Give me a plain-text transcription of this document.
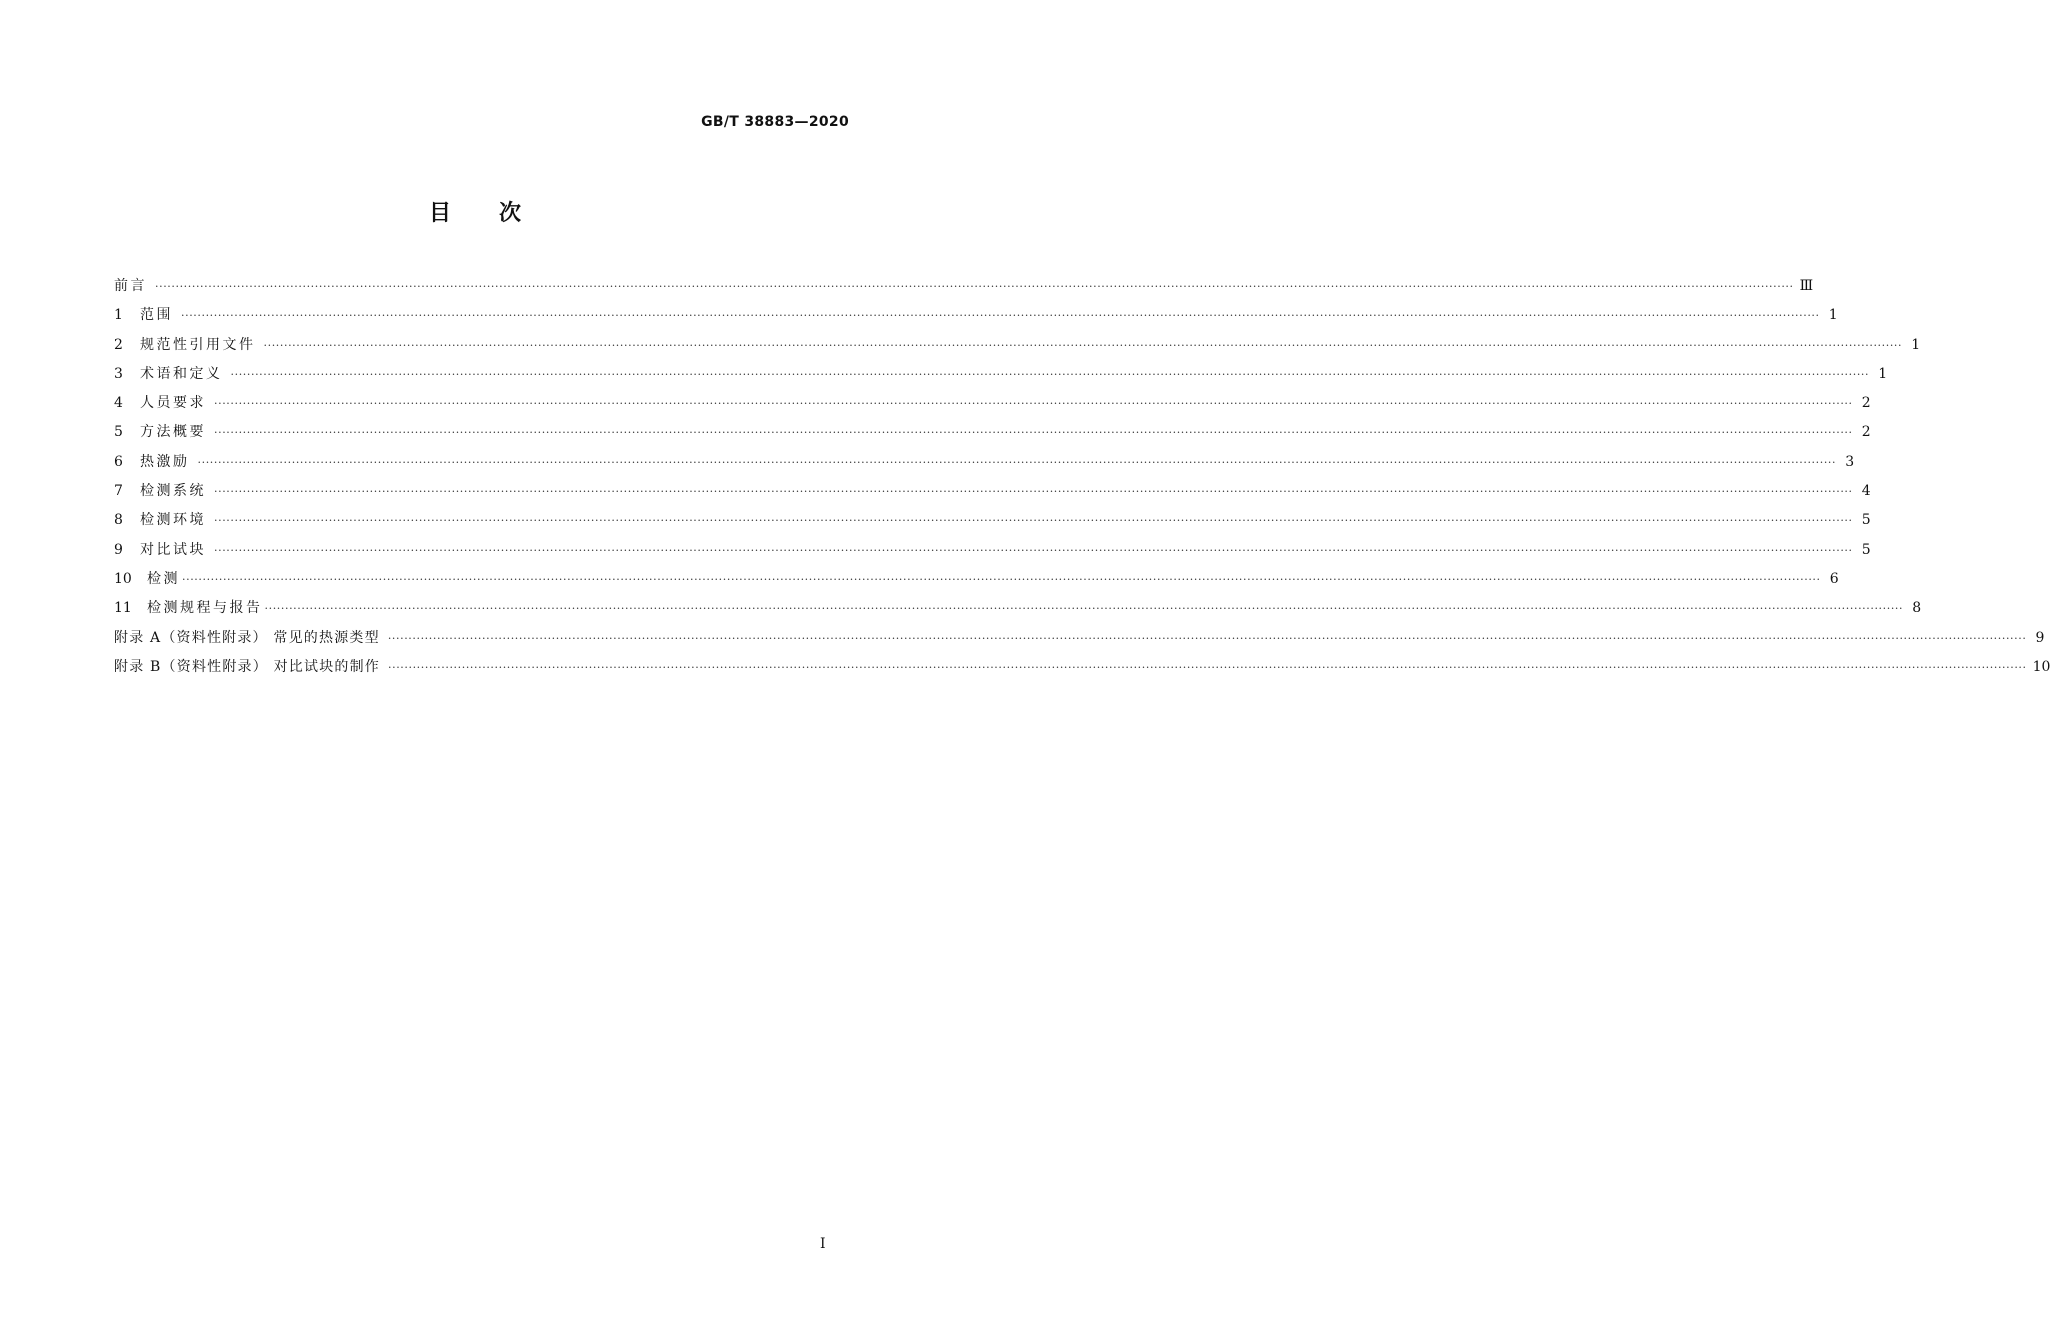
GB/T 38883—2020
目次
前言 ················································································································································································································································································································································································································ Ⅲ
1	范围 ················································································································································································································································································································································································································ 1
2	规范性引用文件 ················································································································································································································································································································································································································ 1
3	术语和定义 ················································································································································································································································································································································································································ 1
4	人员要求 ················································································································································································································································································································································································································ 2
5	方法概要 ················································································································································································································································································································································································································ 2
6	热激励 ················································································································································································································································································································································································································ 3
7	检测系统 ················································································································································································································································································································································································································ 4
8	检测环境 ················································································································································································································································································································································································································ 5
9	对比试块 ················································································································································································································································································································································································································ 5
10	检测 ················································································································································································································································································································································································································ 6
11	检测规程与报告 ················································································································································································································································································································································································································ 8
附录 A（资料性附录） 常见的热源类型 ················································································································································································································································································································································································································ 9
附录 B（资料性附录） 对比试块的制作 ················································································································································································································································································································································································································ 10
I
